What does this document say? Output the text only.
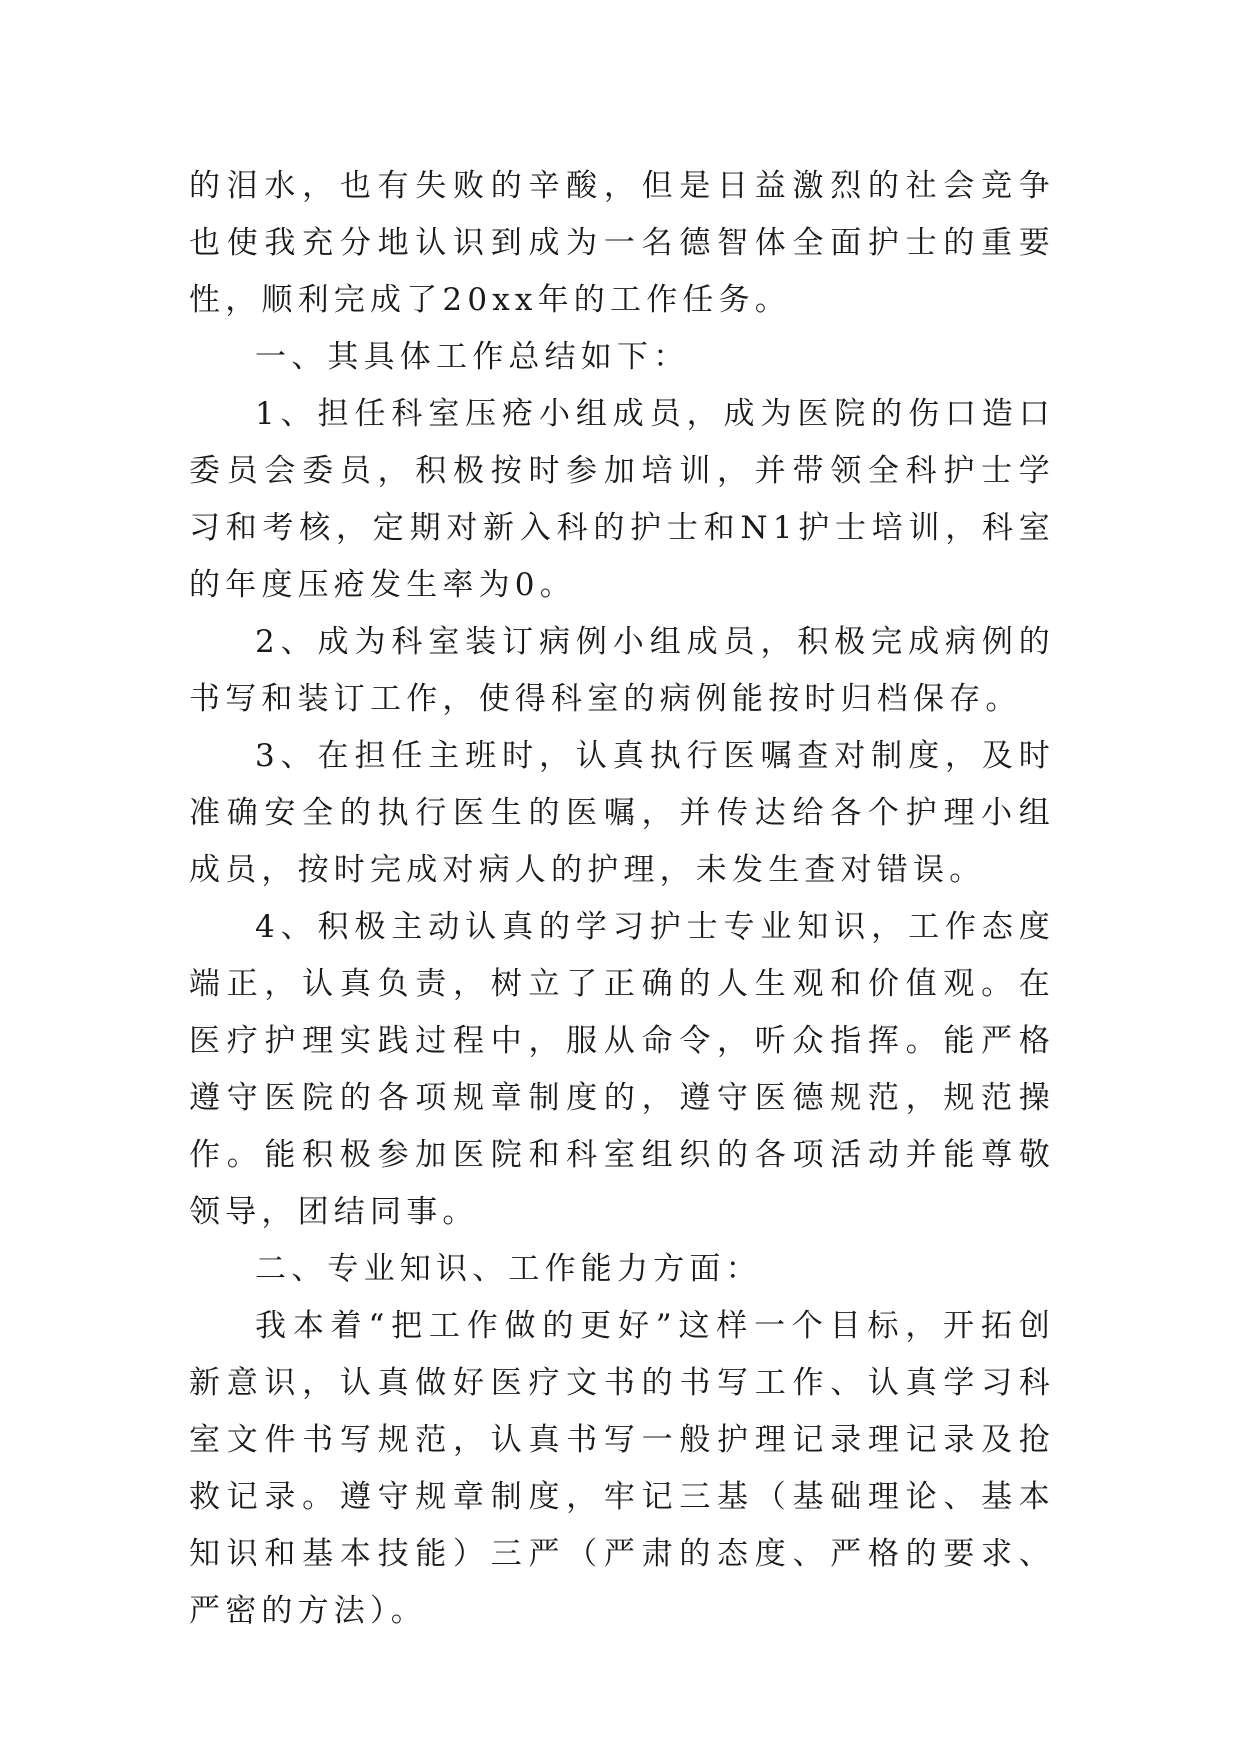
的泪水，也有失败的辛酸，但是日益激烈的社会竞争也使我充分地认识到成为一名德智体全面护士的重要性，顺利完成了20xx年的工作任务。

一、其具体工作总结如下：

1、担任科室压疮小组成员，成为医院的伤口造口委员会委员，积极按时参加培训，并带领全科护士学习和考核，定期对新入科的护士和N1护士培训，科室的年度压疮发生率为0。

2、成为科室装订病例小组成员，积极完成病例的书写和装订工作，使得科室的病例能按时归档保存。

3、在担任主班时，认真执行医嘱查对制度，及时准确安全的执行医生的医嘱，并传达给各个护理小组成员，按时完成对病人的护理，未发生查对错误。

4、积极主动认真的学习护士专业知识，工作态度端正，认真负责，树立了正确的人生观和价值观。在医疗护理实践过程中，服从命令，听众指挥。能严格遵守医院的各项规章制度的，遵守医德规范，规范操作。能积极参加医院和科室组织的各项活动并能尊敬领导，团结同事。

二、专业知识、工作能力方面：

我本着“把工作做的更好”这样一个目标，开拓创新意识，认真做好医疗文书的书写工作、认真学习科室文件书写规范，认真书写一般护理记录理记录及抢救记录。遵守规章制度，牢记三基（基础理论、基本知识和基本技能）三严（严肃的态度、严格的要求、严密的方法）。
